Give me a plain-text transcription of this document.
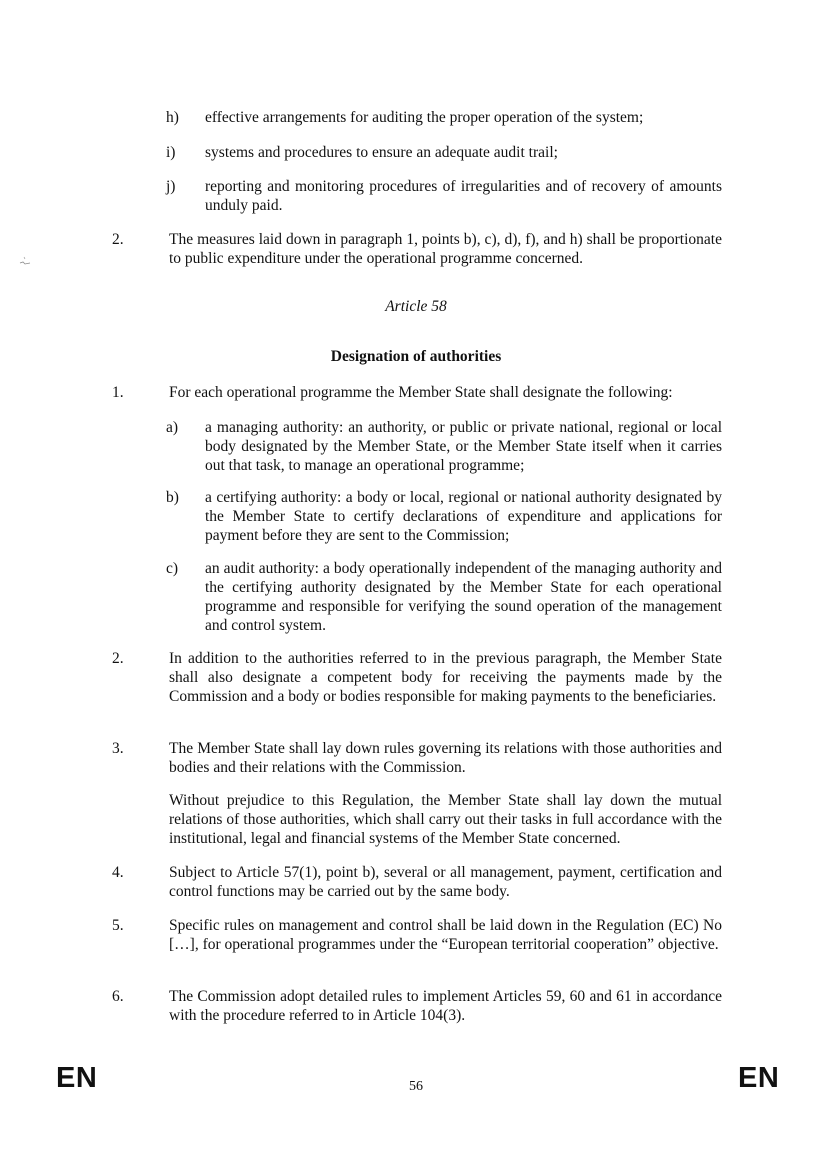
h) effective arrangements for auditing the proper operation of the system;
i) systems and procedures to ensure an adequate audit trail;
j) reporting and monitoring procedures of irregularities and of recovery of amounts unduly paid.
2.	The measures laid down in paragraph 1, points b), c), d), f), and h) shall be proportionate to public expenditure under the operational programme concerned.
Article 58
Designation of authorities
1.	For each operational programme the Member State shall designate the following:
a) a managing authority: an authority, or public or private national, regional or local body designated by the Member State, or the Member State itself when it carries out that task, to manage an operational programme;
b) a certifying authority: a body or local, regional or national authority designated by the Member State to certify declarations of expenditure and applications for payment before they are sent to the Commission;
c) an audit authority: a body operationally independent of the managing authority and the certifying authority designated by the Member State for each operational programme and responsible for verifying the sound operation of the management and control system.
2.	In addition to the authorities referred to in the previous paragraph, the Member State shall also designate a competent body for receiving the payments made by the Commission and a body or bodies responsible for making payments to the beneficiaries.
3.	The Member State shall lay down rules governing its relations with those authorities and bodies and their relations with the Commission.
Without prejudice to this Regulation, the Member State shall lay down the mutual relations of those authorities, which shall carry out their tasks in full accordance with the institutional, legal and financial systems of the Member State concerned.
4.	Subject to Article 57(1), point b), several or all management, payment, certification and control functions may be carried out by the same body.
5.	Specific rules on management and control shall be laid down in the Regulation (EC) No […], for operational programmes under the “European territorial cooperation” objective.
6.	The Commission adopt detailed rules to implement Articles 59, 60 and 61 in accordance with the procedure referred to in Article 104(3).
EN	56	EN
